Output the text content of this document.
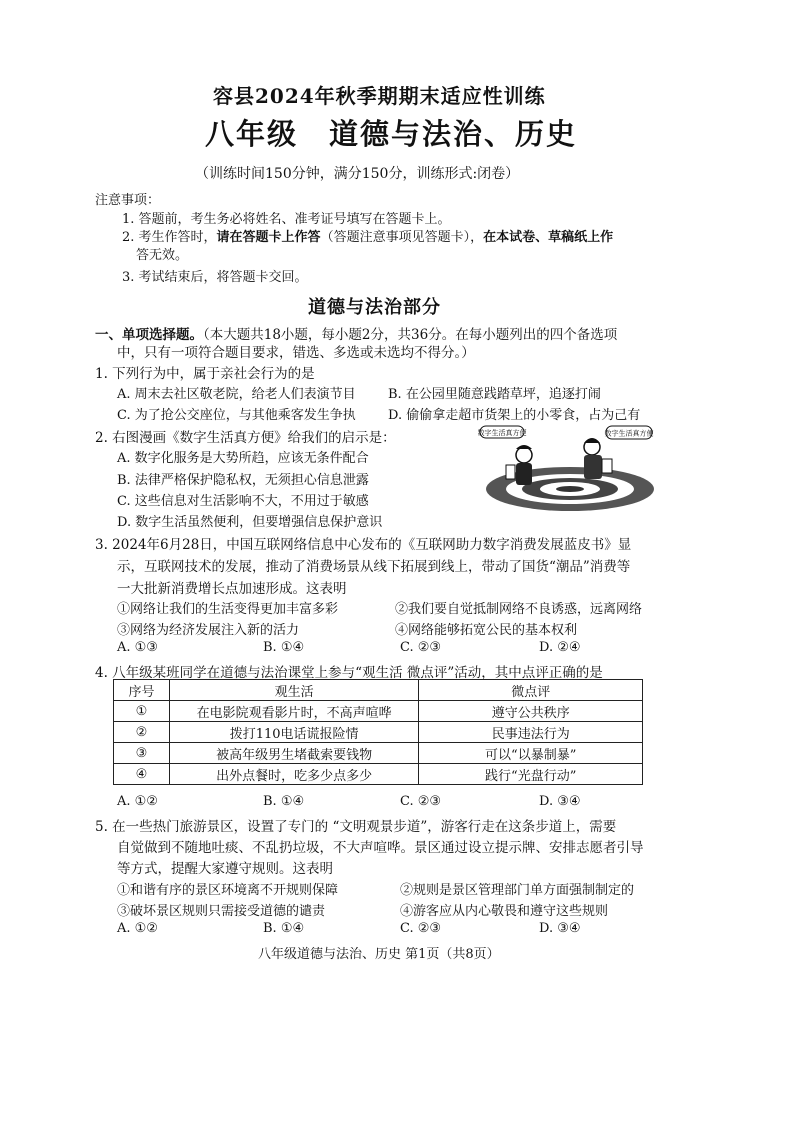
容县2024年秋季期期末适应性训练
八年级　道德与法治、历史
（训练时间150分钟，满分150分，训练形式:闭卷）
注意事项：
1. 答题前，考生务必将姓名、准考证号填写在答题卡上。
2. 考生作答时，请在答题卡上作答（答题注意事项见答题卡），在本试卷、草稿纸上作
答无效。
3. 考试结束后，将答题卡交回。
道德与法治部分
一、单项选择题。（本大题共18小题，每小题2分，共36分。在每小题列出的四个备选项
中，只有一项符合题目要求，错选、多选或未选均不得分。）
1. 下列行为中，属于亲社会行为的是
A. 周末去社区敬老院，给老人们表演节目 B. 在公园里随意践踏草坪，追逐打闹
C. 为了抢公交座位，与其他乘客发生争执 D. 偷偷拿走超市货架上的小零食，占为己有
2. 右图漫画《数字生活真方便》给我们的启示是：
A. 数字化服务是大势所趋，应该无条件配合
B. 法律严格保护隐私权，无须担心信息泄露
C. 这些信息对生活影响不大，不用过于敏感
D. 数字生活虽然便利，但要增强信息保护意识
数字生活真方便
数字生活真方便
3. 2024年6月28日，中国互联网络信息中心发布的《互联网助力数字消费发展蓝皮书》显
示，互联网技术的发展，推动了消费场景从线下拓展到线上，带动了国货“潮品”消费等
一大批新消费增长点加速形成。这表明
①网络让我们的生活变得更加丰富多彩	②我们要自觉抵制网络不良诱惑，远离网络
③网络为经济发展注入新的活力	④网络能够拓宽公民的基本权利
A. ①③	B. ①④	C. ②③	D. ②④
4. 八年级某班同学在道德与法治课堂上参与“观生活 微点评”活动，其中点评正确的是
序号	观生活	微点评
①	在电影院观看影片时，不高声喧哗	遵守公共秩序
②	拨打110电话谎报险情	民事违法行为
③	被高年级男生堵截索要钱物	可以“以暴制暴”
④	出外点餐时，吃多少点多少	践行“光盘行动”
A. ①②	B. ①④	C. ②③	D. ③④
5. 在一些热门旅游景区，设置了专门的 “文明观景步道”，游客行走在这条步道上，需要
自觉做到不随地吐痰、不乱扔垃圾，不大声喧哗。景区通过设立提示牌、安排志愿者引导
等方式，提醒大家遵守规则。这表明
①和谐有序的景区环境离不开规则保障	②规则是景区管理部门单方面强制制定的
③破坏景区规则只需接受道德的谴责	④游客应从内心敬畏和遵守这些规则
A. ①②	B. ①④	C. ②③	D. ③④
八年级道德与法治、历史 第1页（共8页）
